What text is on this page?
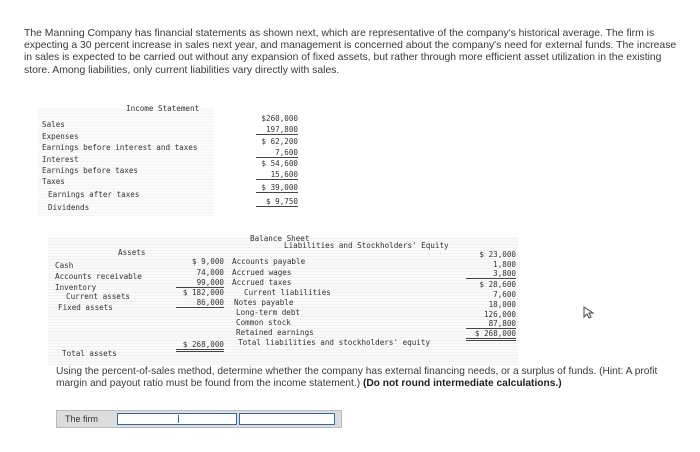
The Manning Company has financial statements as shown next, which are representative of the company's historical average. The firm is expecting a 30 percent increase in sales next year, and management is concerned about the company's need for external funds. The increase in sales is expected to be carried out without any expansion of fixed assets, but rather through more efficient asset utilization in the existing store. Among liabilities, only current liabilities vary directly with sales.
Income Statement
Sales
Expenses
Earnings before interest and taxes
Interest
Earnings before taxes
Taxes
Earnings after taxes
Dividends
$260,000
197,800
$ 62,200
7,600
$ 54,600
15,600
$ 39,000
$ 9,750
Balance Sheet
Assets
Liabilities and Stockholders' Equity
Cash
Accounts receivable
Inventory
Current assets
Fixed assets
Total assets
$ 9,000
74,000
99,000
$ 182,000
86,000
$ 268,000
Accounts payable
Accrued wages
Accrued taxes
Current liabilities
Notes payable
Long-term debt
Common stock
Retained earnings
Total liabilities and stockholders' equity
$ 23,000
1,800
3,800
$ 28,600
7,600
18,000
126,000
87,800
$ 268,000
Using the percent-of-sales method, determine whether the company has external financing needs, or a surplus of funds. (Hint: A profit margin and payout ratio must be found from the income statement.) (Do not round intermediate calculations.)
The firm
